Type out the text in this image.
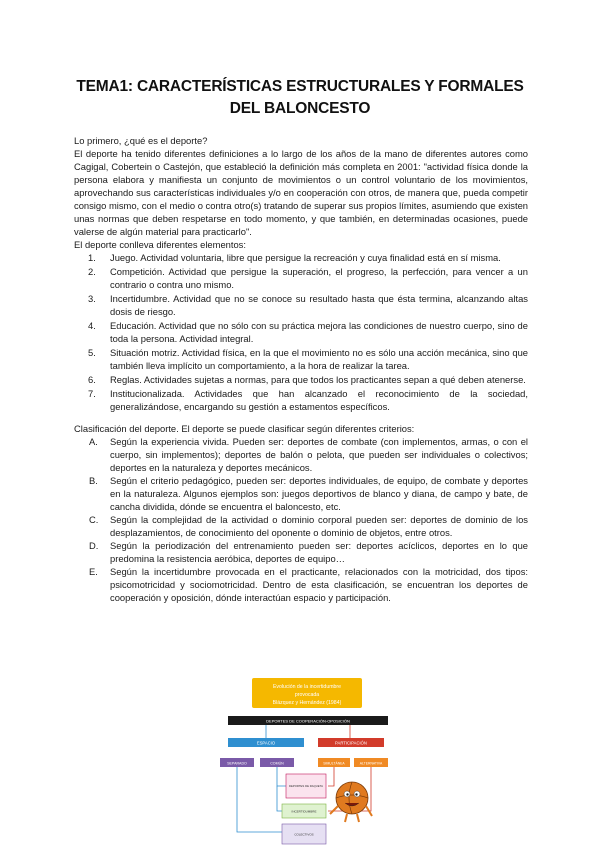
TEMA1: CARACTERÍSTICAS ESTRUCTURALES Y FORMALES DEL BALONCESTO

Lo primero, ¿qué es el deporte?

El deporte ha tenido diferentes definiciones a lo largo de los años de la mano de diferentes autores como Cagigal, Cobertein o Castejón, que estableció la definición más completa en 2001: "actividad física donde la persona elabora y manifiesta un conjunto de movimientos o un control voluntario de los movimientos, aprovechando sus características individuales y/o en cooperación con otros, de manera que, pueda competir consigo mismo, con el medio o contra otro(s) tratando de superar sus propios límites, asumiendo que existen unas normas que deben respetarse en todo momento, y que también, en determinadas ocasiones, puede valerse de algún material para practicarlo".

El deporte conlleva diferentes elementos:

1. Juego. Actividad voluntaria, libre que persigue la recreación y cuya finalidad está en sí misma.
2. Competición. Actividad que persigue la superación, el progreso, la perfección, para vencer a un contrario o contra uno mismo.
3. Incertidumbre. Actividad que no se conoce su resultado hasta que ésta termina, alcanzando altas dosis de riesgo.
4. Educación. Actividad que no sólo con su práctica mejora las condiciones de nuestro cuerpo, sino de toda la persona. Actividad integral.
5. Situación motriz. Actividad física, en la que el movimiento no es sólo una acción mecánica, sino que también lleva implícito un comportamiento, a la hora de realizar la tarea.
6. Reglas. Actividades sujetas a normas, para que todos los practicantes sepan a qué deben atenerse.
7. Institucionalizada. Actividades que han alcanzado el reconocimiento de la sociedad, generalizándose, encargando su gestión a estamentos específicos.

Clasificación del deporte. El deporte se puede clasificar según diferentes criterios:

A. Según la experiencia vivida. Pueden ser: deportes de combate (con implementos, armas, o con el cuerpo, sin implementos); deportes de balón o pelota, que pueden ser individuales o colectivos; deportes en la naturaleza y deportes mecánicos.
B. Según el criterio pedagógico, pueden ser: deportes individuales, de equipo, de combate y deportes en la naturaleza. Algunos ejemplos son: juegos deportivos de blanco y diana, de campo y bate, de cancha dividida, dónde se encuentra el baloncesto, etc.
C. Según la complejidad de la actividad o dominio corporal pueden ser: deportes de dominio de los desplazamientos, de conocimiento del oponente o dominio de objetos, entre otros.
D. Según la periodización del entrenamiento pueden ser: deportes acíclicos, deportes en lo que predomina la resistencia aeróbica, deportes de equipo…
E. Según la incertidumbre provocada en el practicante, relacionados con la motricidad, dos tipos: psicomotricidad y sociomotricidad. Dentro de esta clasificación, se encuentran los deportes de cooperación y oposición, dónde interactúan espacio y participación.
Evolución de la incertidumbre
provocada
Blázquez y Hernández (1984)
DEPORTES DE COOPERACIÓN-OPOSICIÓN
ESPACIO	PARTICIPACIÓN
SEPARADO	COMÚN	SIMULTÁNEA	ALTERNATIVA
DEPORTES DE RAQUETA
INCERTIDUMBRE
COLECTIVOS
